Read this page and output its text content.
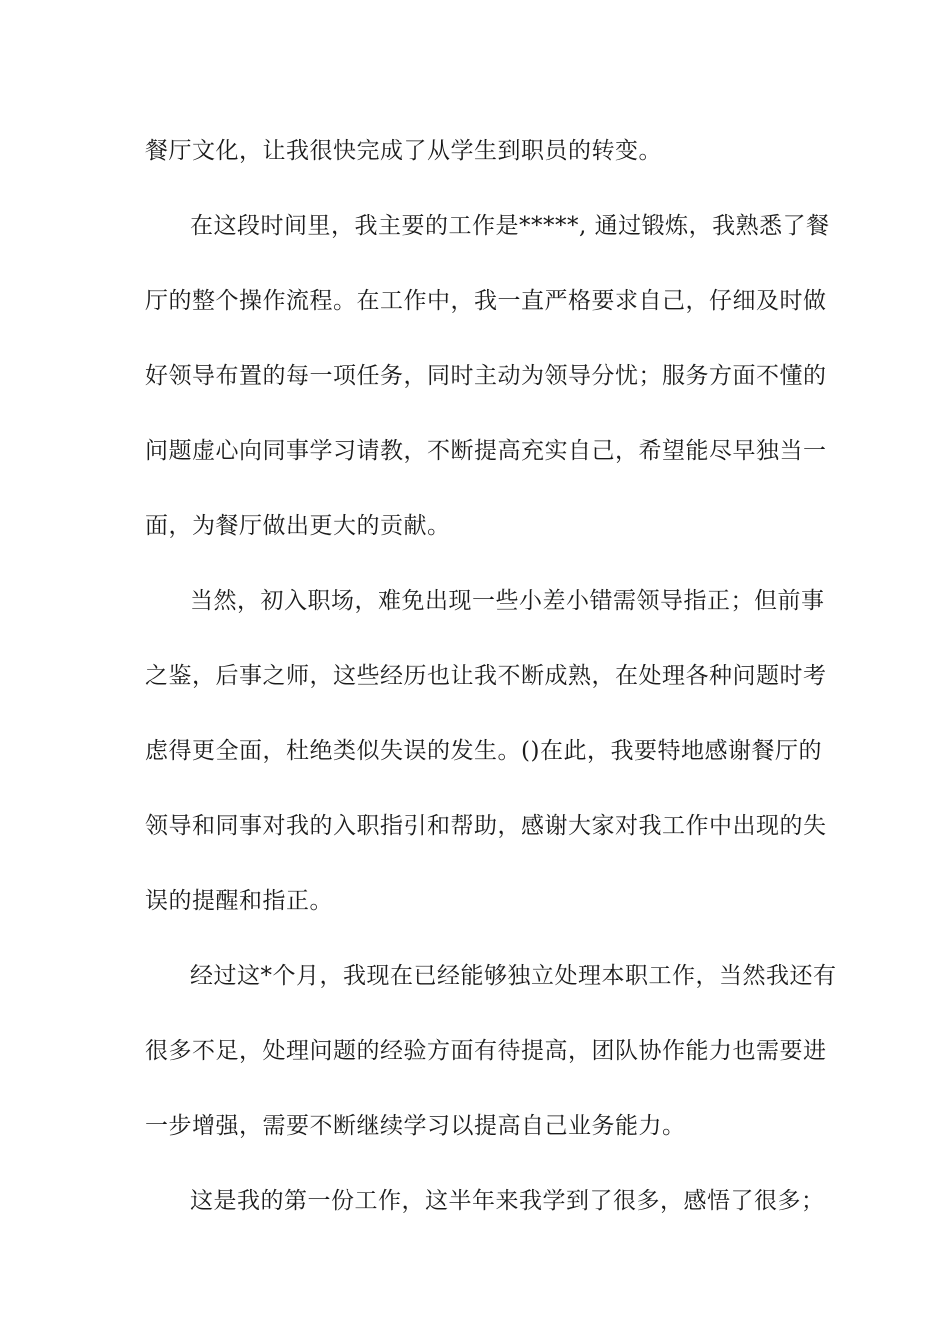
餐厅文化，让我很快完成了从学生到职员的转变。
在这段时间里，我主要的工作是*****, 通过锻炼，我熟悉了餐
厅的整个操作流程。在工作中，我一直严格要求自己，仔细及时做
好领导布置的每一项任务，同时主动为领导分忧；服务方面不懂的
问题虚心向同事学习请教，不断提高充实自己，希望能尽早独当一
面，为餐厅做出更大的贡献。
当然，初入职场，难免出现一些小差小错需领导指正；但前事
之鉴，后事之师，这些经历也让我不断成熟，在处理各种问题时考
虑得更全面，杜绝类似失误的发生。()在此，我要特地感谢餐厅的
领导和同事对我的入职指引和帮助，感谢大家对我工作中出现的失
误的提醒和指正。
经过这*个月，我现在已经能够独立处理本职工作，当然我还有
很多不足，处理问题的经验方面有待提高，团队协作能力也需要进
一步增强，需要不断继续学习以提高自己业务能力。
这是我的第一份工作，这半年来我学到了很多，感悟了很多；
